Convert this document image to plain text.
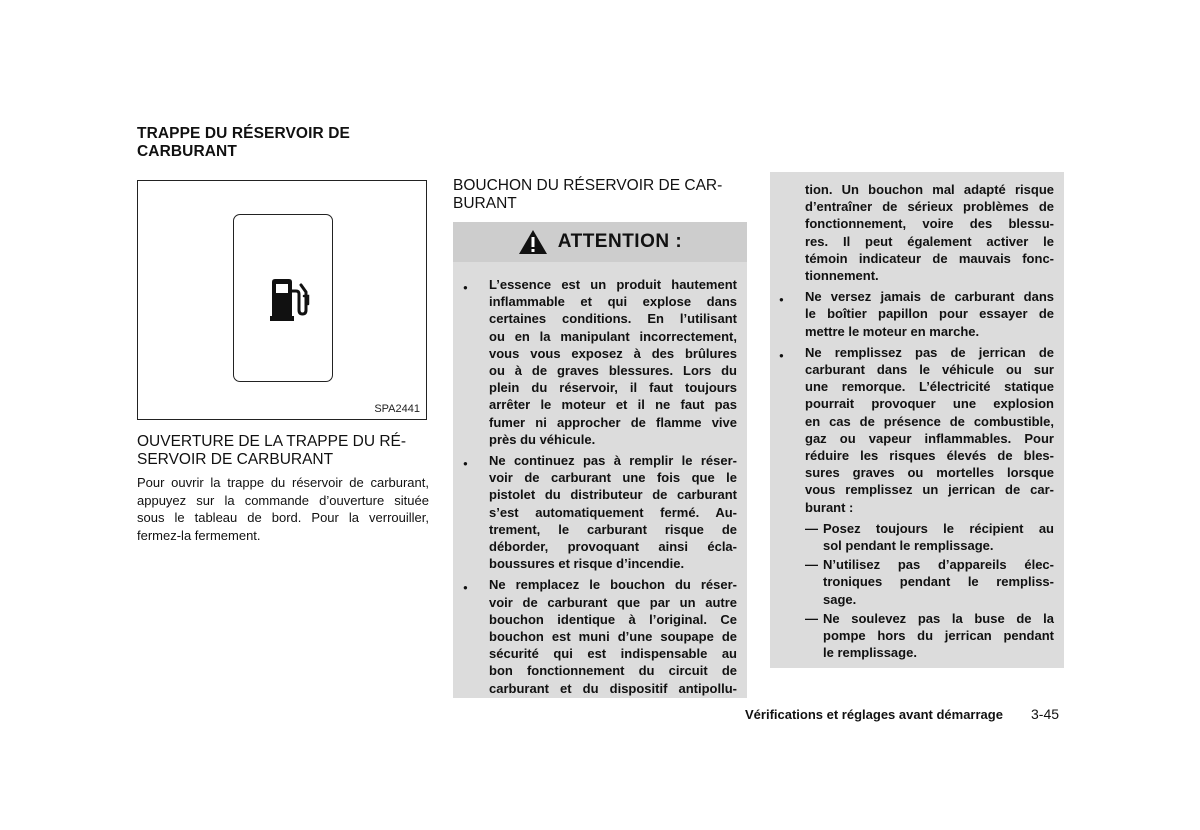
TRAPPE DU RÉSERVOIR DE
CARBURANT
SPA2441
OUVERTURE DE LA TRAPPE DU RÉ-
SERVOIR DE CARBURANT
Pour ouvrir la trappe du réservoir de carburant,
appuyez sur la commande d’ouverture située
sous le tableau de bord. Pour la verrouiller,
fermez-la fermement.
BOUCHON DU RÉSERVOIR DE CAR-
BURANT
ATTENTION :
● L’essence est un produit hautement
inflammable et qui explose dans
certaines conditions. En l’utilisant
ou en la manipulant incorrectement,
vous vous exposez à des brûlures
ou à de graves blessures. Lors du
plein du réservoir, il faut toujours
arrêter le moteur et il ne faut pas
fumer ni approcher de flamme vive
près du véhicule.
● Ne continuez pas à remplir le réser-
voir de carburant une fois que le
pistolet du distributeur de carburant
s’est automatiquement fermé. Au-
trement, le carburant risque de
déborder, provoquant ainsi écla-
boussures et risque d’incendie.
● Ne remplacez le bouchon du réser-
voir de carburant que par un autre
bouchon identique à l’original. Ce
bouchon est muni d’une soupape de
sécurité qui est indispensable au
bon fonctionnement du circuit de
carburant et du dispositif antipollu-
tion. Un bouchon mal adapté risque
d’entraîner de sérieux problèmes de
fonctionnement, voire des blessu-
res. Il peut également activer le
témoin indicateur de mauvais fonc-
tionnement.
● Ne versez jamais de carburant dans
le boîtier papillon pour essayer de
mettre le moteur en marche.
● Ne remplissez pas de jerrican de
carburant dans le véhicule ou sur
une remorque. L’électricité statique
pourrait provoquer une explosion
en cas de présence de combustible,
gaz ou vapeur inflammables. Pour
réduire les risques élevés de bles-
sures graves ou mortelles lorsque
vous remplissez un jerrican de car-
burant :
— Posez toujours le récipient au
sol pendant le remplissage.
— N’utilisez pas d’appareils élec-
troniques pendant le rempliss-
sage.
— Ne soulevez pas la buse de la
pompe hors du jerrican pendant
le remplissage.
Vérifications et réglages avant démarrage 3-45
